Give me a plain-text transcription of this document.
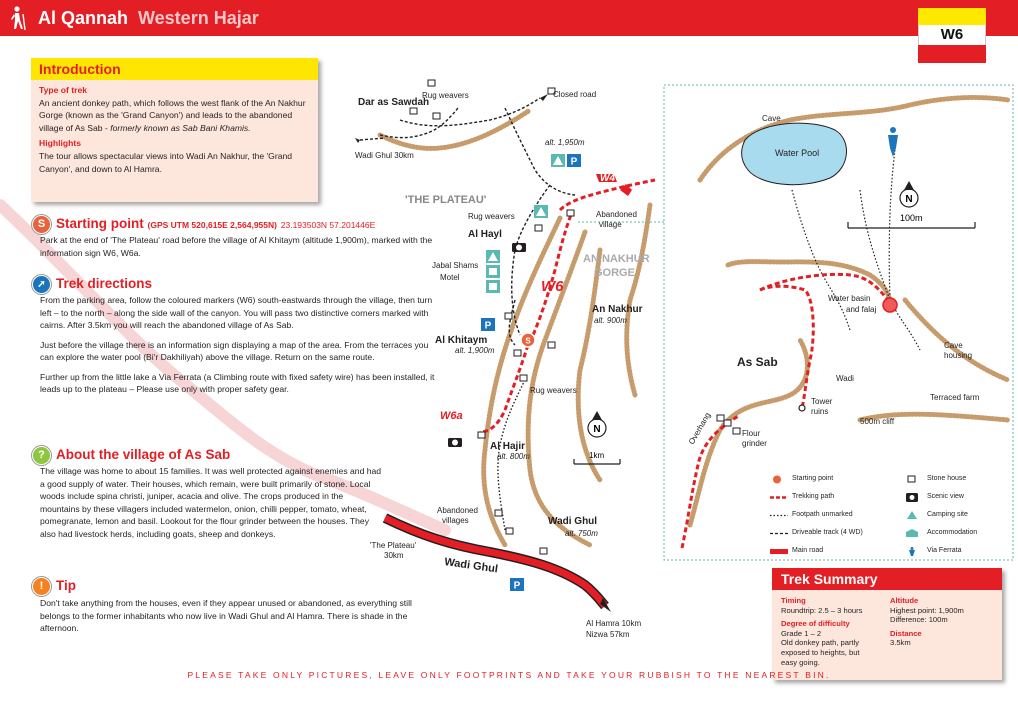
Al Qannah Western Hajar
W6
Introduction
Type of trek
An ancient donkey path, which follows the west flank of the An Nakhur Gorge (known as the 'Grand Canyon') and leads to the abandoned village of As Sab - formerly known as Sab Bani Khamis.
Highlights
The tour allows spectacular views into Wadi An Nakhur, the 'Grand Canyon', and down to Al Hamra.
S Starting point (GPS UTM 520,615E 2,564,955N) 23.193503N 57.201446E
Park at the end of 'The Plateau' road before the village of Al Khitaym (altitude 1,900m), marked with the information sign W6, W6a.
➚ Trek directions

From the parking area, follow the coloured markers (W6) south-eastwards through the village, then turn left – to the north – along the side wall of the canyon. You will pass two distinctive corners marked with cairns. After 3.5km you will reach the abandoned village of As Sab.

Just before the village there is an information sign displaying a map of the area. From the terraces you can explore the water pool (Bi'r Dakhiliyah) above the village. Return on the same route.

Further up from the little lake a Via Ferrata (a Climbing route with fixed safety wire) has been installed, it leads up to the plateau – Please use only with proper safety gear.

? About the village of As Sab
The village was home to about 15 families. It was well protected against enemies and had a good supply of water. Their houses, which remain, were built primarily of stone. Local woods include spina christi, juniper, acacia and olive. The crops produced in the mountains by these villagers included watermelon, onion, chilli pepper, tomato, wheat, pomegranate, lemon and basil. Lookout for the flour grinder between the houses. They also had livestock herds, including goats, sheep and donkeys.
! Tip
Don't take anything from the houses, even if they appear unused or abandoned, as everything still belongs to the former inhabitants who now live in Wadi Ghul and Al Hamra. There is shade in the afternoon.
S
P
P
P
W4
W6
W6a
Dar as Sawdah
Rug weavers	Closed road
Wadi Ghul 30km
alt. 1,950m
'THE PLATEAU'
Rug weavers	Abandoned
village
Al Hayl
AN NAKHUR
GORGE
Jabal Shams
Motel
An Nakhur
alt. 900m
Al Khitaym
alt. 1,900m
Rug weavers
Al Hajir
alt. 800m
Abandoned
villages	Wadi Ghul
alt. 750m
'The Plateau'
30km
Wadi Ghul
Al Hamra 10km
Nizwa 57km
N
1km
N
100m
Cave
Water Pool
Water basin
and falaj
As Sab
Cave
housing
Wadi
Tower
ruins
Terraced farm
Overhang	Flour
grinder
500m cliff
Starting point
Trekking path
Footpath unmarked
Driveable track (4 WD)
Main road
Stone house
Scenic view
Camping site
Accommodation
Via Ferrata
Trek Summary
Timing
Roundtrip: 2.5 – 3 hours
Degree of difficulty
Grade 1 – 2
Old donkey path, partly
exposed to heights, but
easy going.
Altitude
Highest point: 1,900m
Difference: 100m
Distance
3.5km
PLEASE TAKE ONLY PICTURES, LEAVE ONLY FOOTPRINTS AND TAKE YOUR RUBBISH TO THE NEAREST BIN.
